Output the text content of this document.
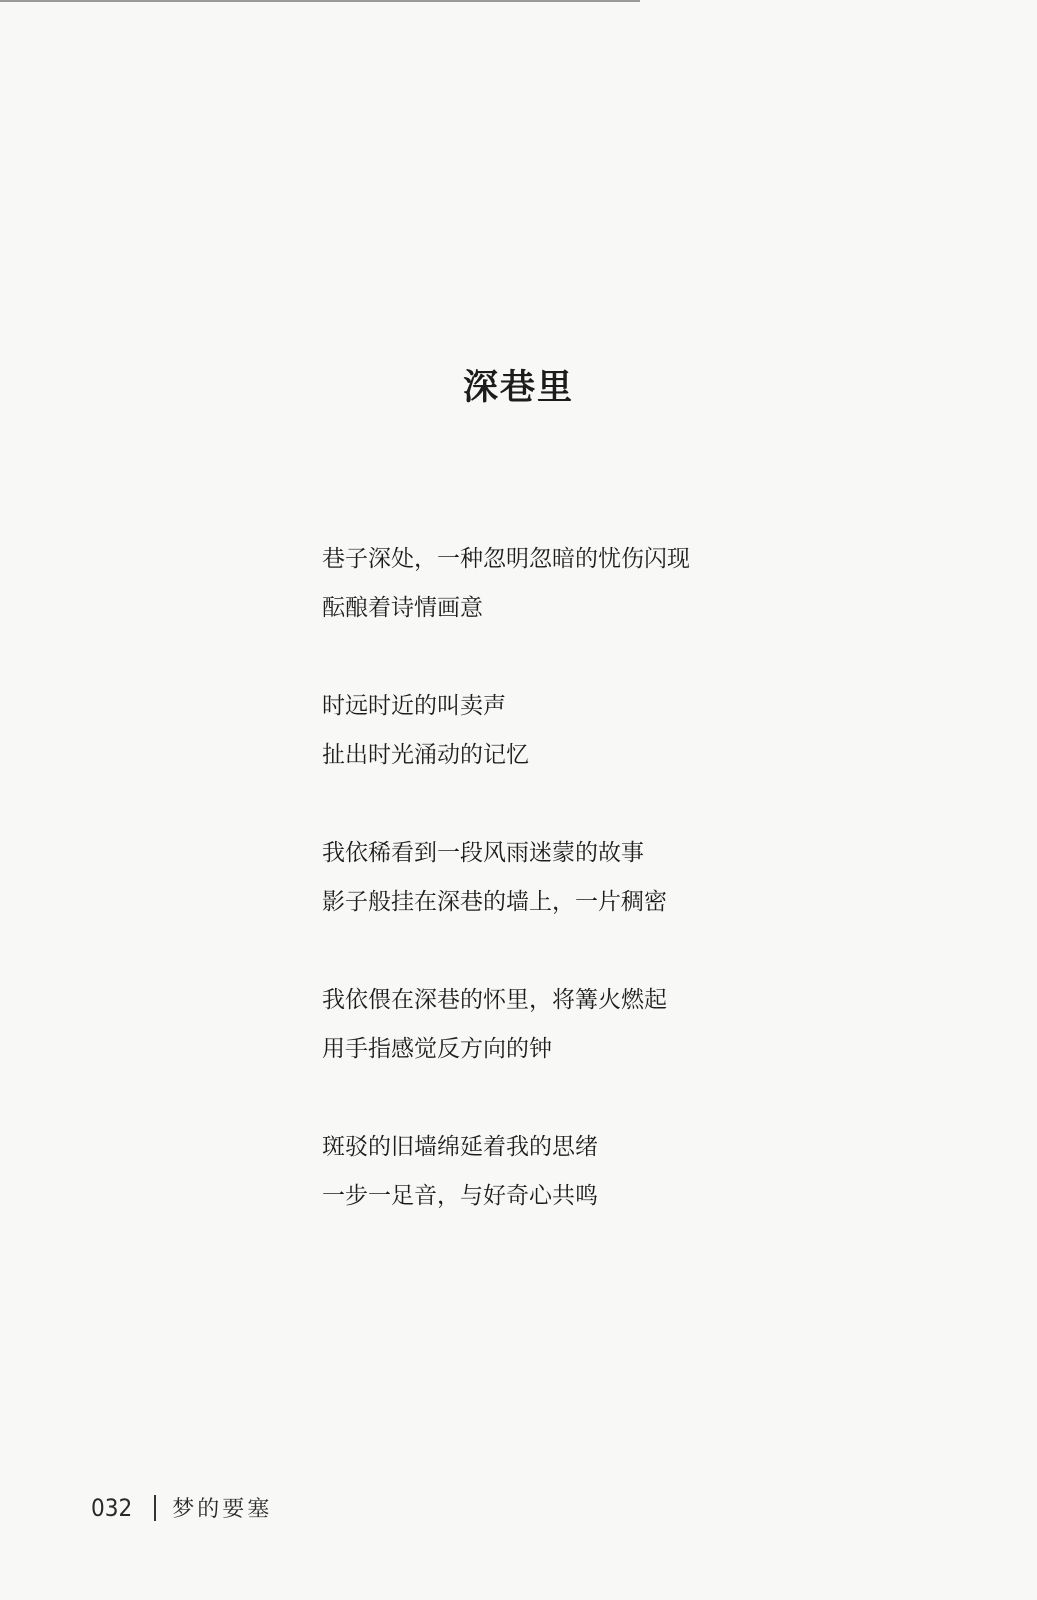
深巷里
巷子深处，一种忽明忽暗的忧伤闪现
酝酿着诗情画意
时远时近的叫卖声
扯出时光涌动的记忆
我依稀看到一段风雨迷蒙的故事
影子般挂在深巷的墙上，一片稠密
我依偎在深巷的怀里，将篝火燃起
用手指感觉反方向的钟
斑驳的旧墙绵延着我的思绪
一步一足音，与好奇心共鸣
032 梦的要塞
